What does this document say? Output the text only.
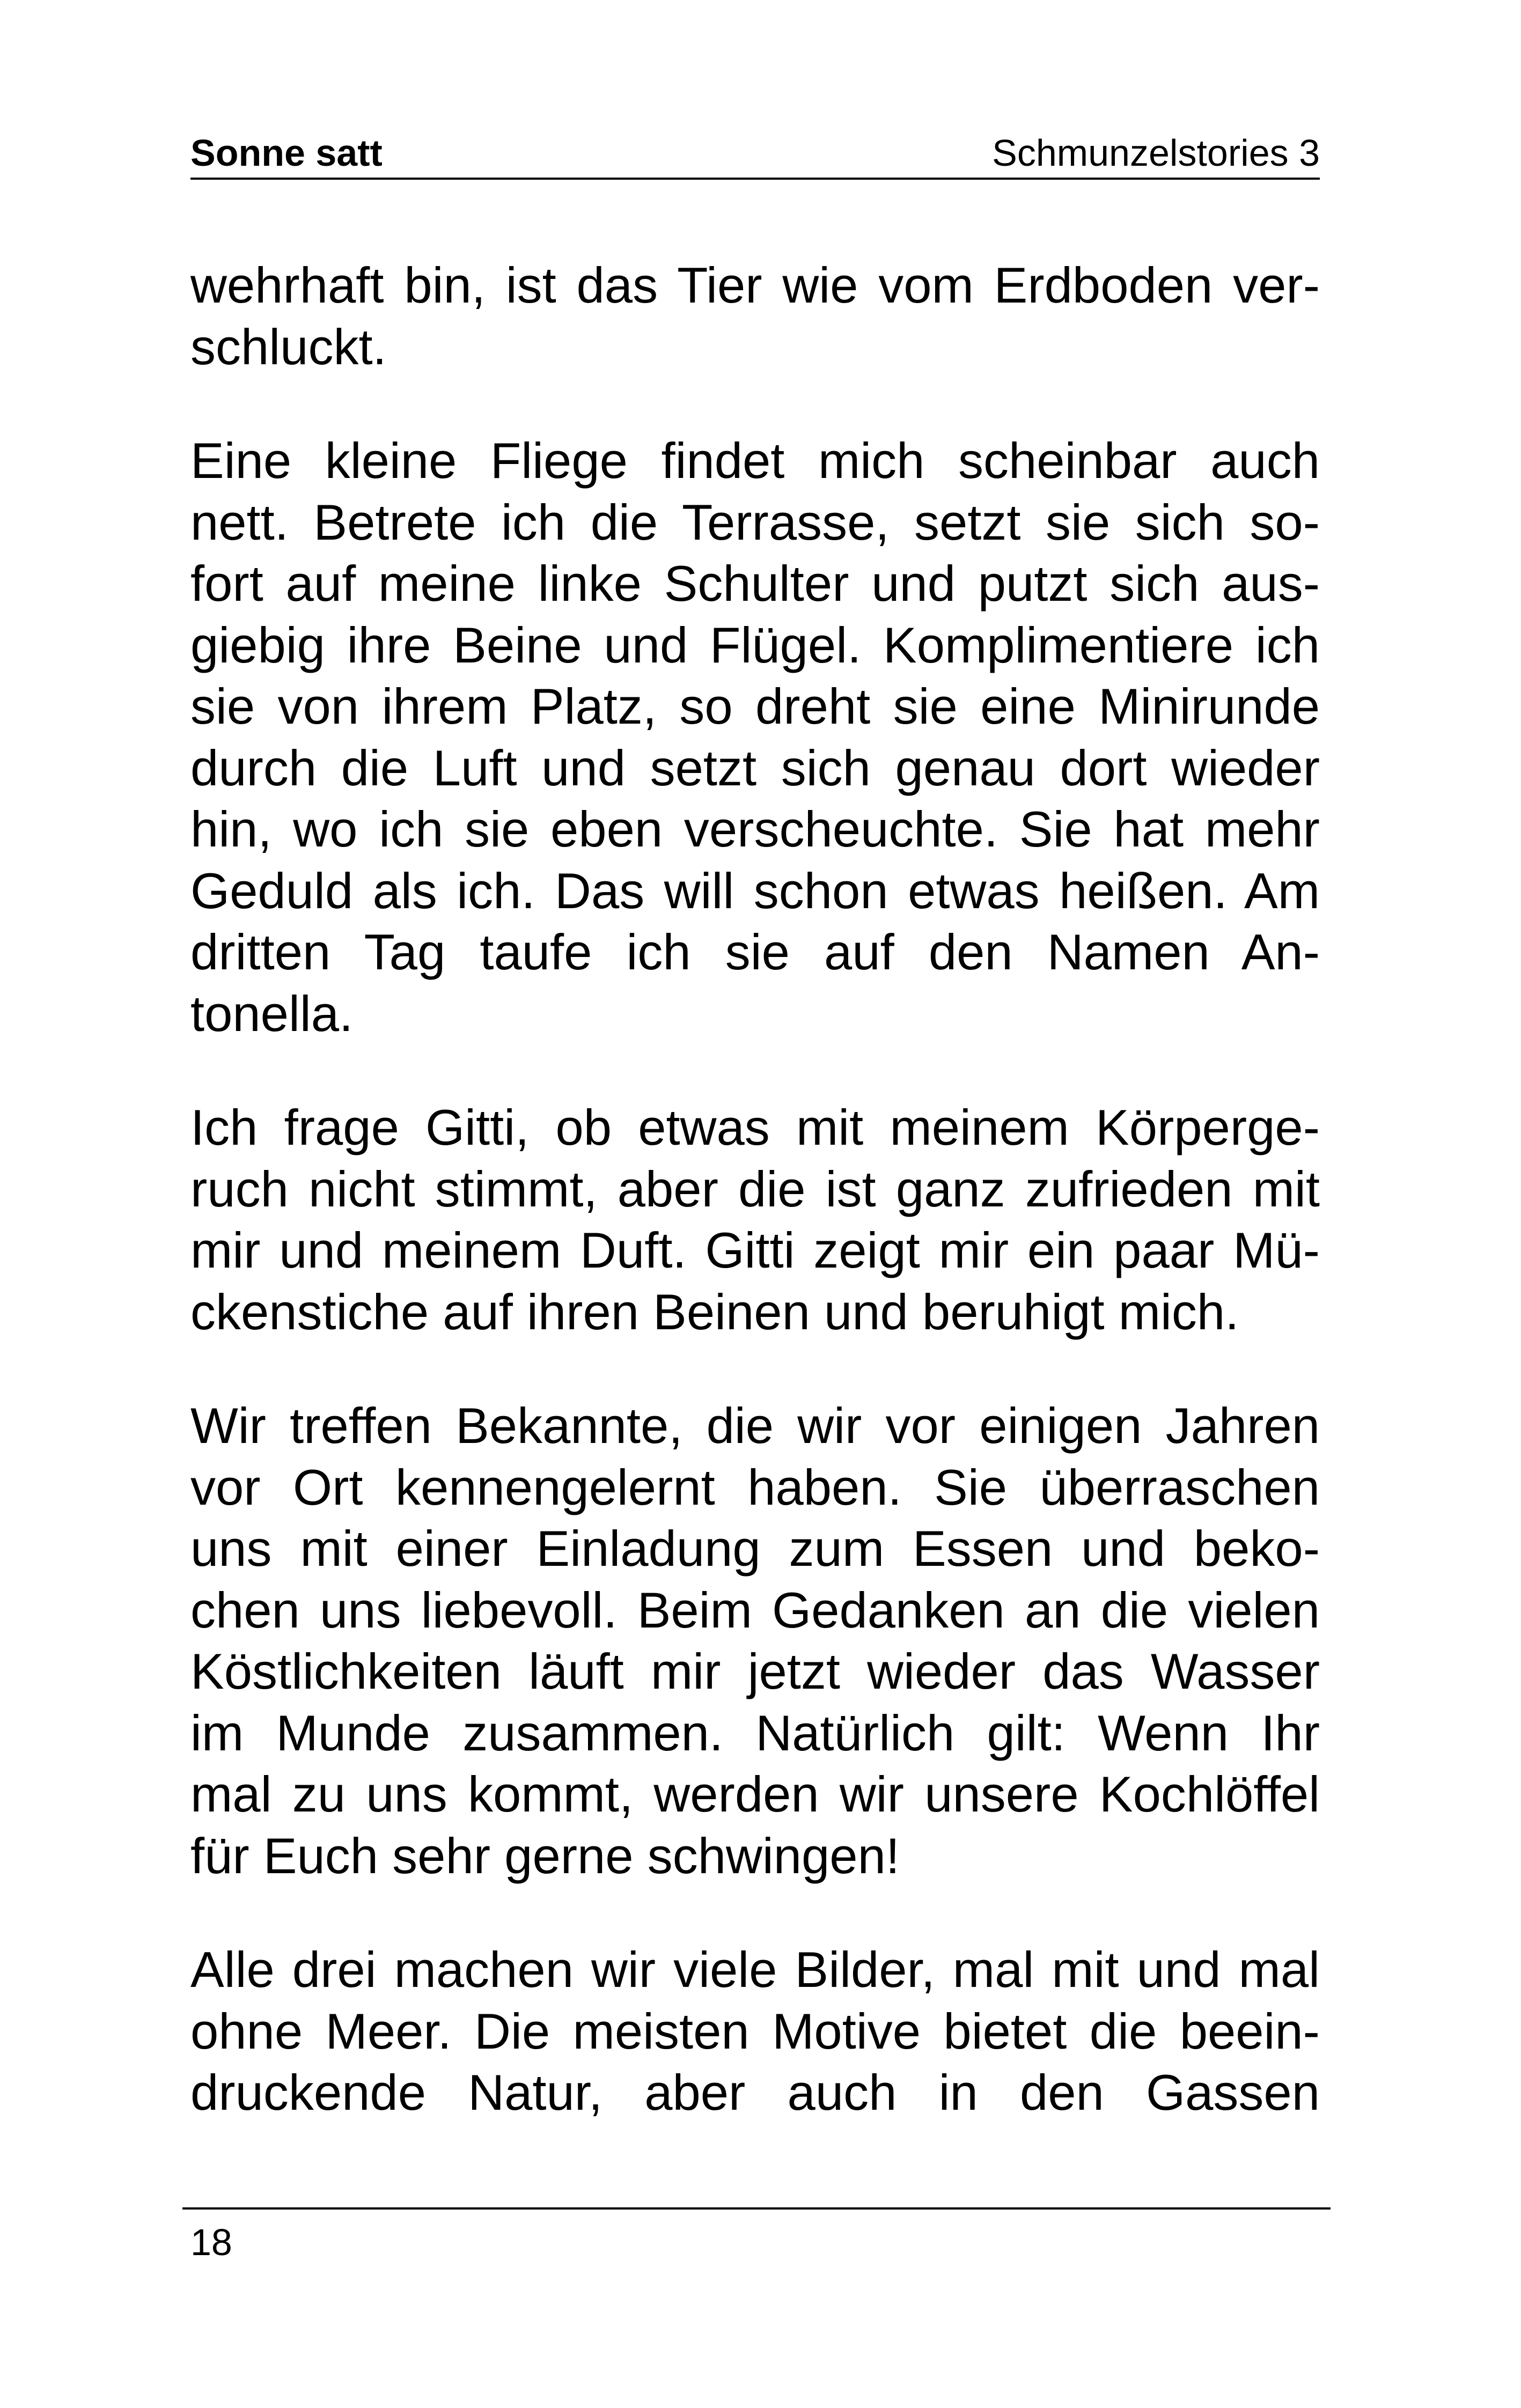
Sonne satt	Schmunzelstories 3

wehrhaft bin, ist das Tier wie vom Erdboden ver-
schluckt.

Eine kleine Fliege findet mich scheinbar auch
nett. Betrete ich die Terrasse, setzt sie sich so-
fort auf meine linke Schulter und putzt sich aus-
giebig ihre Beine und Flügel. Komplimentiere ich
sie von ihrem Platz, so dreht sie eine Minirunde
durch die Luft und setzt sich genau dort wieder
hin, wo ich sie eben verscheuchte. Sie hat mehr
Geduld als ich. Das will schon etwas heißen. Am
dritten Tag taufe ich sie auf den Namen An-
tonella.

Ich frage Gitti, ob etwas mit meinem Körperge-
ruch nicht stimmt, aber die ist ganz zufrieden mit
mir und meinem Duft. Gitti zeigt mir ein paar Mü-
ckenstiche auf ihren Beinen und beruhigt mich.

Wir treffen Bekannte, die wir vor einigen Jahren
vor Ort kennengelernt haben. Sie überraschen
uns mit einer Einladung zum Essen und beko-
chen uns liebevoll. Beim Gedanken an die vielen
Köstlichkeiten läuft mir jetzt wieder das Wasser
im Munde zusammen. Natürlich gilt: Wenn Ihr
mal zu uns kommt, werden wir unsere Kochlöffel
für Euch sehr gerne schwingen!

Alle drei machen wir viele Bilder, mal mit und mal
ohne Meer. Die meisten Motive bietet die beein-
druckende Natur, aber auch in den Gassen

18
